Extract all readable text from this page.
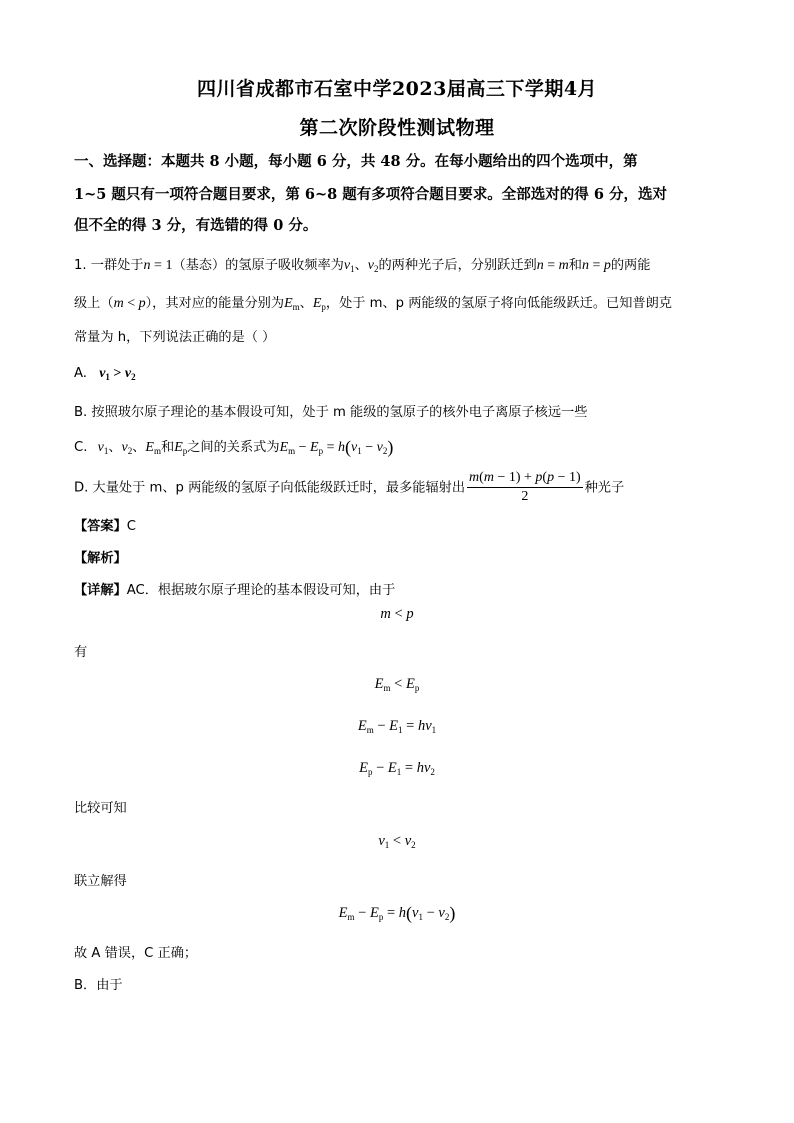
四川省成都市石室中学2023届高三下学期4月
第二次阶段性测试物理
一、选择题：本题共 8 小题，每小题 6 分，共 48 分。在每小题给出的四个选项中，第
1~5 题只有一项符合题目要求，第 6~8 题有多项符合题目要求。全部选对的得 6 分，选对
但不全的得 3 分，有选错的得 0 分。
1. 一群处于n = 1（基态）的氢原子吸收频率为$\nu_1$、$\nu_2$的两种光子后，分别跃迁到n = m和n = p的两能
级上（m < p），其对应的能量分别为$E_m$、$E_p$，处于 m、p 两能级的氢原子将向低能级跃迁。已知普朗克
常量为 h，下列说法正确的是（ ）
A. $\nu_1 > \nu_2$
B. 按照玻尔原子理论的基本假设可知，处于 m 能级的氢原子的核外电子离原子核远一些
C. $\nu_1$、$\nu_2$、$E_m$和$E_p$之间的关系式为$E_m - E_p = h(\nu_1 - \nu_2)$
D. 大量处于 m、p 两能级的氢原子向低能级跃迁时，最多能辐射出 $\frac{m(m - 1) + p(p - 1)}{2}$ 种光子
【答案】C
【解析】
【详解】AC．根据玻尔原子理论的基本假设可知，由于
m < p
有
$E_m < E_p$
$E_m - E_1 = h\nu_1$
$E_p - E_1 = h\nu_2$
比较可知
$\nu_1 < \nu_2$
联立解得
$E_m - E_p = h(\nu_1 - \nu_2)$
故 A 错误，C 正确；
B．由于
